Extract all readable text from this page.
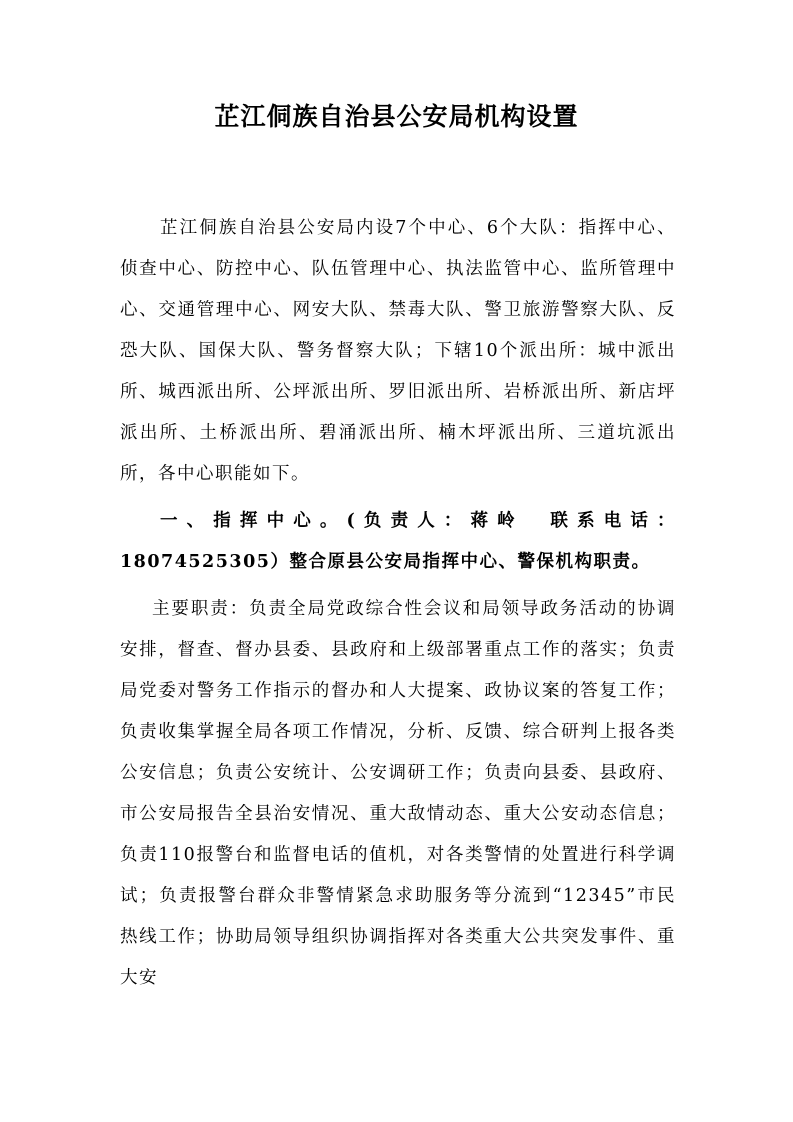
芷江侗族自治县公安局机构设置
芷江侗族自治县公安局内设7个中心、6个大队：指挥中心、侦查中心、防控中心、队伍管理中心、执法监管中心、监所管理中心、交通管理中心、网安大队、禁毒大队、警卫旅游警察大队、反恐大队、国保大队、警务督察大队；下辖10个派出所：城中派出所、城西派出所、公坪派出所、罗旧派出所、岩桥派出所、新店坪派出所、土桥派出所、碧涌派出所、楠木坪派出所、三道坑派出所，各中心职能如下。
一、指挥中心。(负责人：蒋岭　联系电话：18074525305）整合原县公安局指挥中心、警保机构职责。
主要职责：负责全局党政综合性会议和局领导政务活动的协调安排，督查、督办县委、县政府和上级部署重点工作的落实；负责局党委对警务工作指示的督办和人大提案、政协议案的答复工作；负责收集掌握全局各项工作情况，分析、反馈、综合研判上报各类公安信息；负责公安统计、公安调研工作；负责向县委、县政府、市公安局报告全县治安情况、重大敌情动态、重大公安动态信息；负责110报警台和监督电话的值机，对各类警情的处置进行科学调试；负责报警台群众非警情紧急求助服务等分流到“12345”市民热线工作；协助局领导组织协调指挥对各类重大公共突发事件、重大安
